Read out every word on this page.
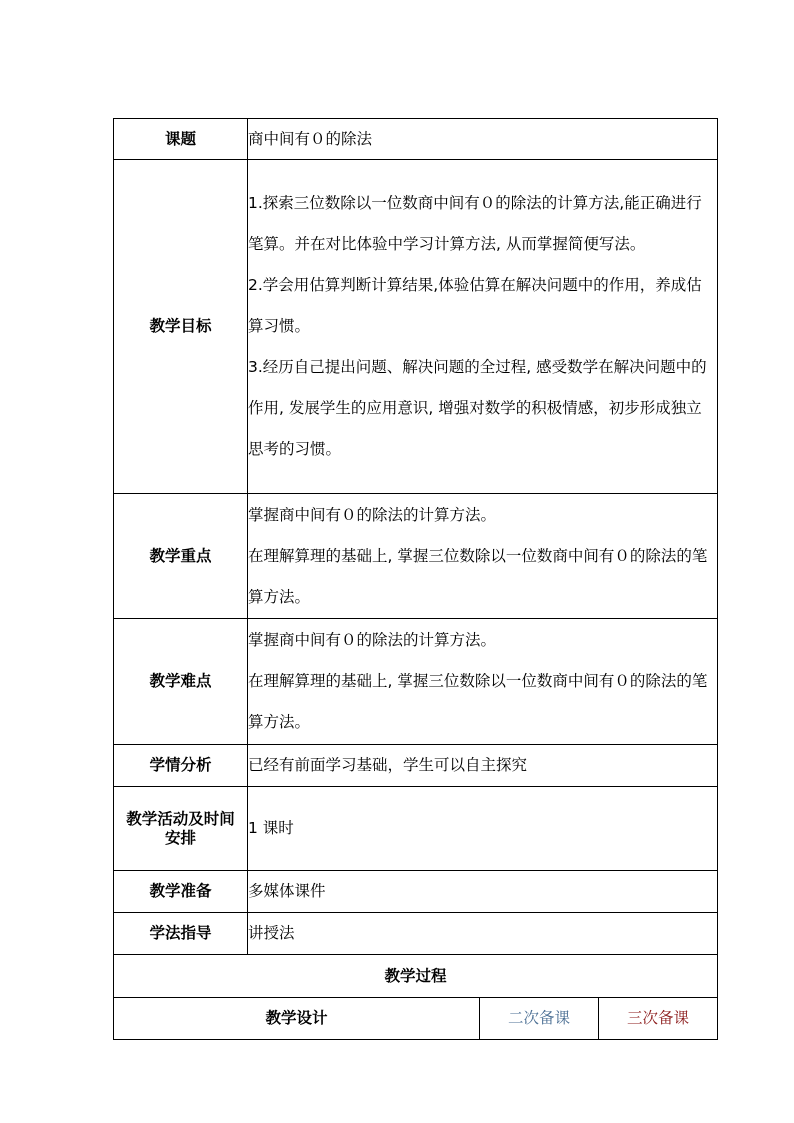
课题	商中间有０的除法		
教学目标	1.探索三位数除以一位数商中间有０的除法的计算方法,能正确进行笔算。并在对比体验中学习计算方法, 从而掌握简便写法。
2.学会用估算判断计算结果,体验估算在解决问题中的作用，养成估算习惯。
3.经历自己提出问题、解决问题的全过程, 感受数学在解决问题中的作用, 发展学生的应用意识, 增强对数学的积极情感，初步形成独立思考的习惯。		

教学重点	掌握商中间有０的除法的计算方法。
在理解算理的基础上, 掌握三位数除以一位数商中间有０的除法的笔算方法。		

教学难点	掌握商中间有０的除法的计算方法。
在理解算理的基础上, 掌握三位数除以一位数商中间有０的除法的笔算方法。		

学情分析	已经有前面学习基础，学生可以自主探究		
教学活动及时间安排	1 课时		
教学准备	多媒体课件		
学法指导	讲授法		
教学过程			
教学设计		二次备课	三次备课
